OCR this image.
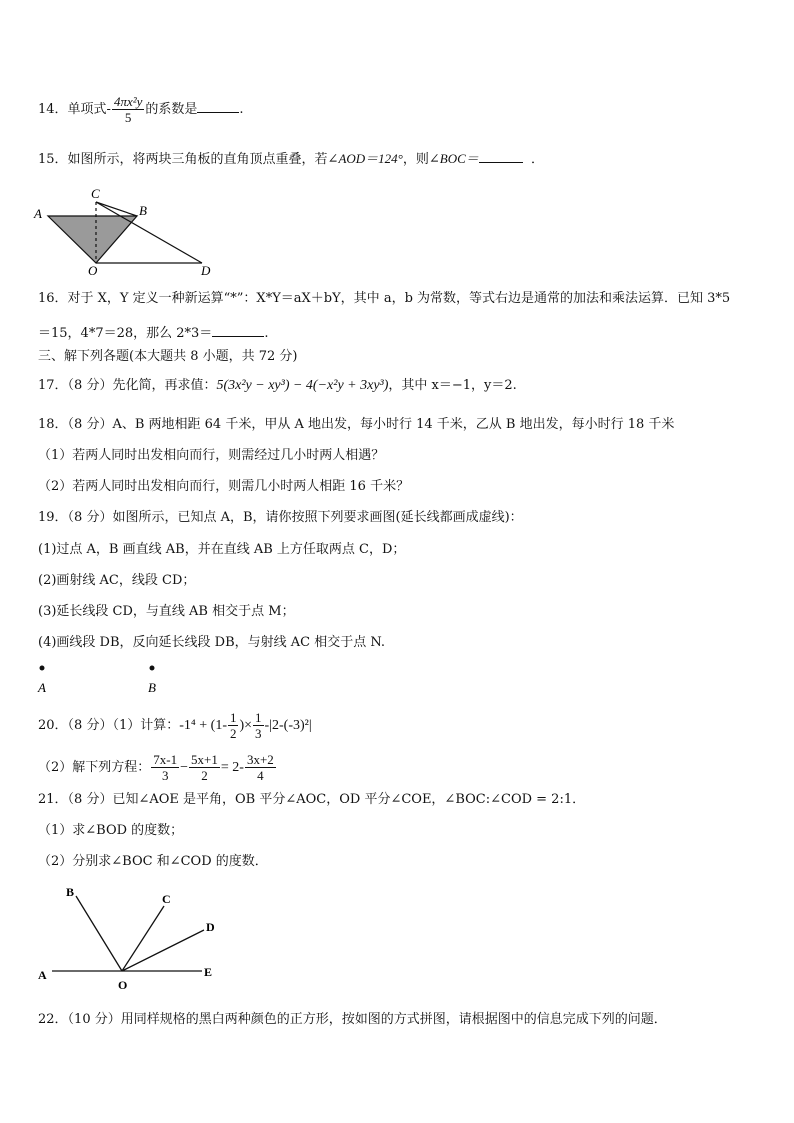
14．单项式- $\frac{\text{4πx²y}}{5}$ 的系数是	.
15．如图所示，将两块三角板的直角顶点重叠，若∠AOD＝124°，则∠BOC＝	．
A
C
B
O	D
16．对于 X，Y 定义一种新运算“*”：X*Y＝aX＋bY，其中 a，b 为常数，等式右边是通常的加法和乘法运算．已知 3*5
＝15，4*7＝28，那么 2*3＝	.
三、解下列各题(本大题共 8 小题，共 72 分)
17．（8 分）先化简，再求值：5(3x²y − xy³) − 4(−x²y + 3xy³)，其中 x＝−1，y＝2.
18．（8 分）A、B 两地相距 64 千米，甲从 A 地出发，每小时行 14 千米，乙从 B 地出发，每小时行 18 千米
（1）若两人同时出发相向而行，则需经过几小时两人相遇？
（2）若两人同时出发相向而行，则需几小时两人相距 16 千米？
19．（8 分）如图所示，已知点 A，B，请你按照下列要求画图(延长线都画成虚线)：
(1)过点 A，B 画直线 AB，并在直线 AB 上方任取两点 C，D；
(2)画射线 AC，线段 CD；
(3)延长线段 CD，与直线 AB 相交于点 M；
(4)画线段 DB，反向延长线段 DB，与射线 AC 相交于点 N.
A	B
20．（8 分）（1）计算：$-1^4 + (1- \frac{1}{2}$ )× $\frac{1}{3} -|2-(-3)^2|$
（2）解下列方程： $\frac{7x-1}{3} - \frac{5x+1}{2} = 2- \frac{3x+2}{4}$
21．（8 分）已知∠AOE 是平角，OB 平分∠AOC，OD 平分∠COE，∠BOC:∠COD = 2:1．
（1）求∠BOD 的度数；
（2）分别求∠BOC 和∠COD 的度数．
A
B	C
D
E
O
22．（10 分）用同样规格的黑白两种颜色的正方形，按如图的方式拼图，请根据图中的信息完成下列的问题．
